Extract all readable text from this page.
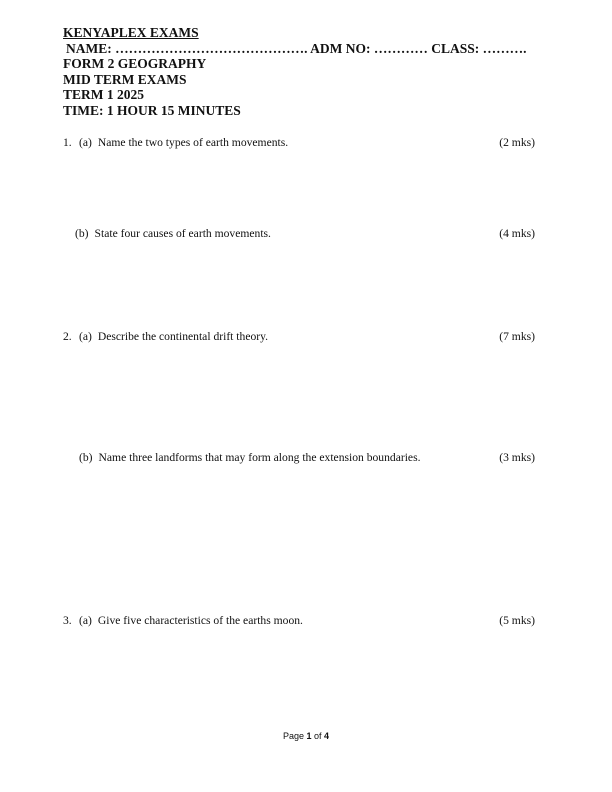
KENYAPLEX EXAMS
NAME: ……………………………………. ADM NO: ………… CLASS: ……….
FORM 2 GEOGRAPHY
MID TERM EXAMS
TERM 1 2025
TIME: 1 HOUR 15 MINUTES
1. (a) Name the two types of earth movements.	(2 mks)
(b) State four causes of earth movements.	(4 mks)
2. (a) Describe the continental drift theory.	(7 mks)
(b) Name three landforms that may form along the extension boundaries.	(3 mks)
3. (a) Give five characteristics of the earths moon.	(5 mks)
Page 1 of 4
